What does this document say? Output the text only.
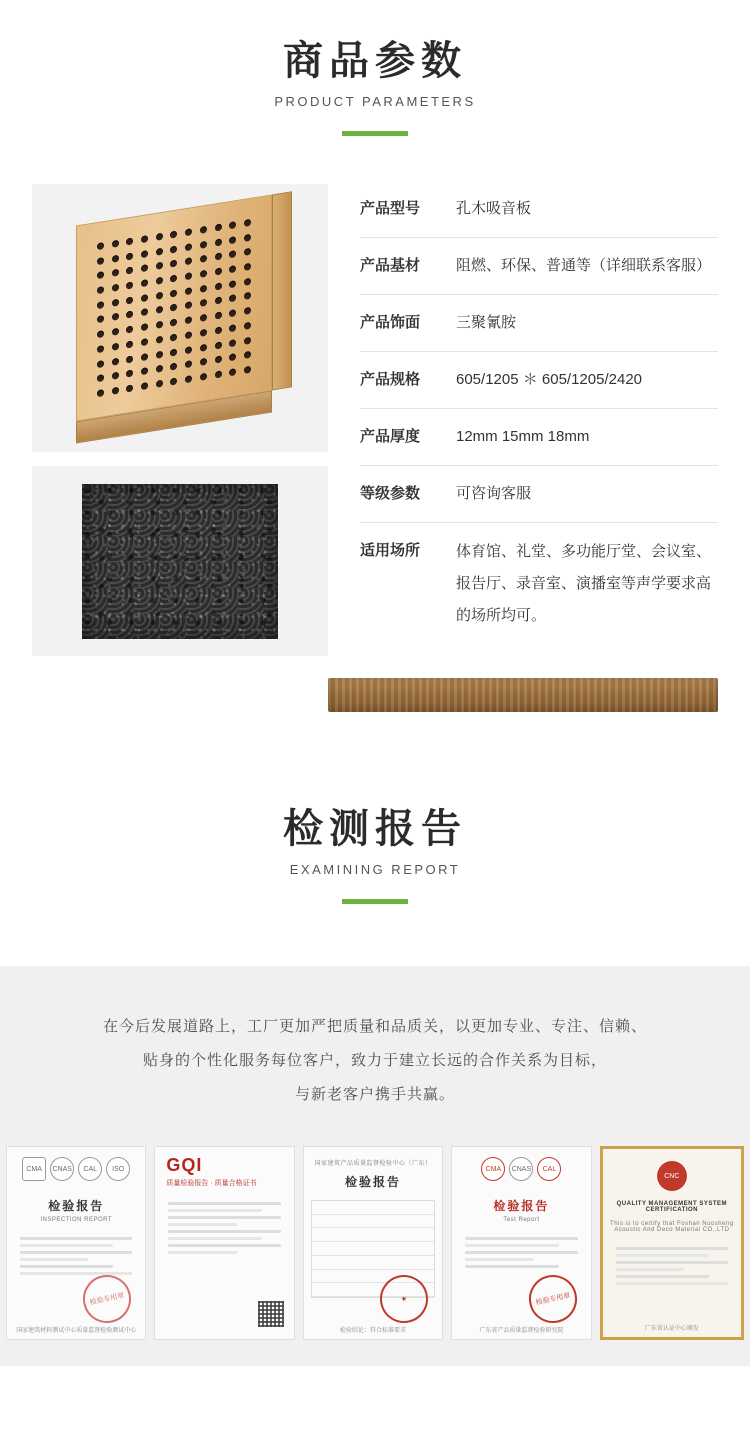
商品参数
PRODUCT PARAMETERS
产品型号	孔木吸音板
产品基材	阻燃、环保、普通等（详细联系客服）
产品饰面	三聚氰胺
产品规格	605/1205 ＊ 605/1205/2420
产品厚度	12mm 15mm 18mm
等级参数	可咨询客服
适用场所	体育馆、礼堂、多功能厅堂、会议室、报告厅、录音室、演播室等声学要求高的场所均可。
检测报告
EXAMINING REPORT
在今后发展道路上，工厂更加严把质量和品质关，以更加专业、专注、信赖、
贴身的个性化服务每位客户，致力于建立长远的合作关系为目标，
与新老客户携手共赢。
CMA	CNAS	CAL	ISO
检验报告
INSPECTION REPORT
检验专用章
国家建筑材料测试中心质量监督检验测试中心
GQI
质量检验报告 · 质量合格证书
国家建筑产品质量监督检验中心（广东）
检验报告
★
检验结论：符合标准要求
CMA	CNAS	CAL
检验报告
Test Report
检验专用章
广东省产品质量监督检验研究院
CNC
QUALITY MANAGEMENT SYSTEM CERTIFICATION
This is to certify that Foshan Nuosheng Acoustic And Deco Material CO.,LTD
广东省认证中心颁发
